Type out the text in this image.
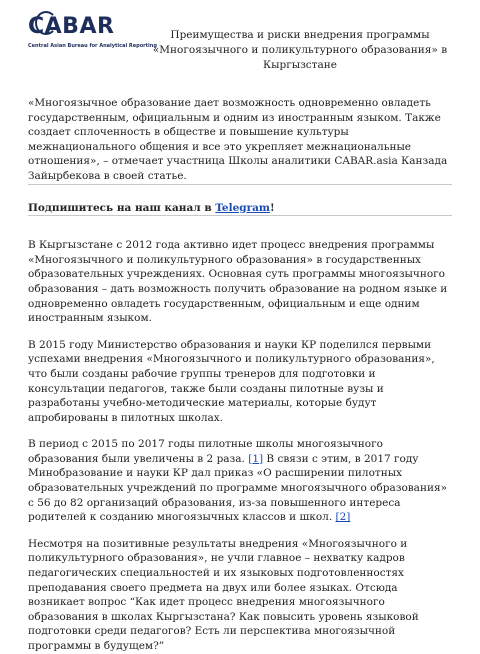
CABAR
Central Asian Bureau for Analytical Reporting
Преимущества и риски внедрения программы «Многоязычного и поликультурного образования» в Кыргызстане

«Многоязычное образование дает возможность одновременно овладеть государственным, официальным и одним из иностранным языком. Также создает сплоченность в обществе и повышение культуры межнационального общения и все это укрепляет межнациональные отношения», – отмечает участница Школы аналитики CABAR.asia Канзада Зайырбекова в своей статье.

Подпишитесь на наш канал в Telegram!

В Кыргызстане с 2012 года активно идет процесс внедрения программы «Многоязычного и поликультурного образования» в государственных образовательных учреждениях. Основная суть программы многоязычного образования – дать возможность получить образование на родном языке и одновременно овладеть государственным, официальным и еще одним иностранным языком.

В 2015 году Министерство образования и науки КР поделился первыми успехами внедрения «Многоязычного и поликультурного образования», что были созданы рабочие группы тренеров для подготовки и консультации педагогов, также были созданы пилотные вузы и разработаны учебно-методические материалы, которые будут апробированы в пилотных школах.

В период с 2015 по 2017 годы пилотные школы многоязычного образования были увеличены в 2 раза. [1] В связи с этим, в 2017 году Минобразование и науки КР дал приказ «О расширении пилотных образовательных учреждений по программе многоязычного образования» с 56 до 82 организаций образования, из-за повышенного интереса родителей к созданию многоязычных классов и школ. [2]

Несмотря на позитивные результаты внедрения «Многоязычного и поликультурного образования», не учли главное – нехватку кадров педагогических специальностей и их языковых подготовленностях преподавания своего предмета на двух или более языках. Отсюда возникает вопрос “Как идет процесс внедрения многоязычного образования в школах Кыргызстана? Как повысить уровень языковой подготовки среди педагогов? Есть ли перспектива многоязычной программы в будущем?”
